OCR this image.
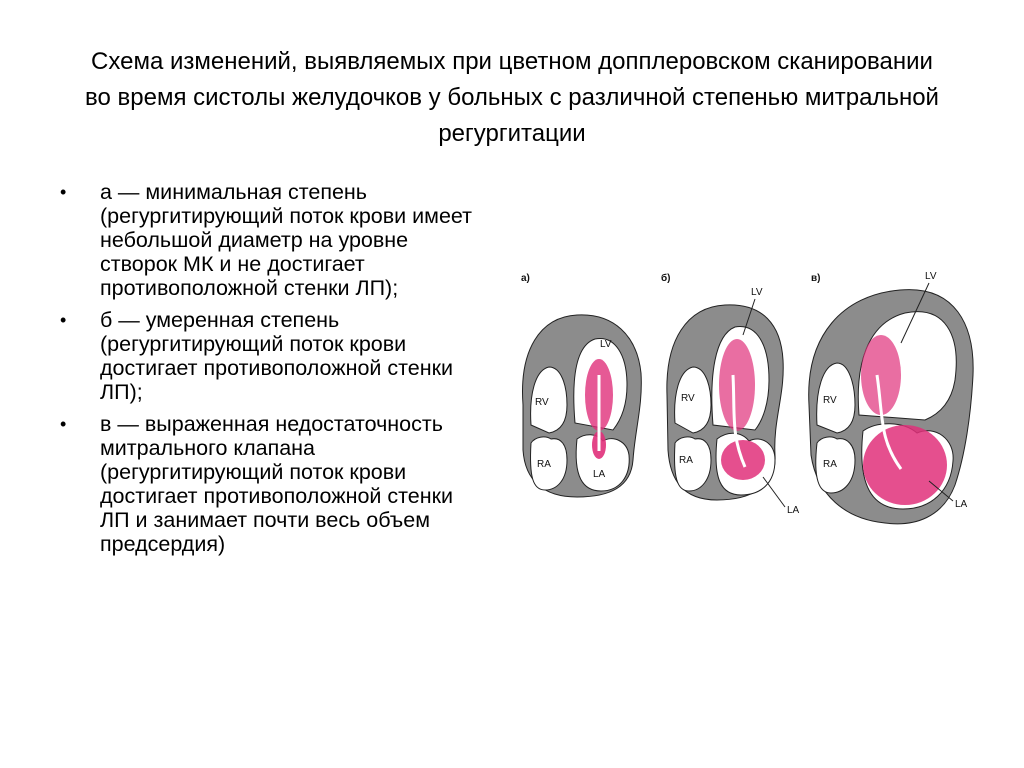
Схема изменений, выявляемых при цветном допплеровском сканировании во время систолы желудочков у больных с различной степенью митральной регургитации
• а — минимальная степень (регургитирующий поток крови имеет небольшой диаметр на уровне створок МК и не достигает противоположной стенки ЛП);
• б — умеренная степень (регургитирующий поток крови достигает противоположной стенки ЛП);
• в — выраженная недостаточность митрального клапана (регургитирующий поток крови достигает противоположной стенки ЛП и занимает почти весь объем предсердия)
а)
LV
RV
RA
LA
б)
LV
RV
RA
LA
в)	LV
RV
RA
LA
